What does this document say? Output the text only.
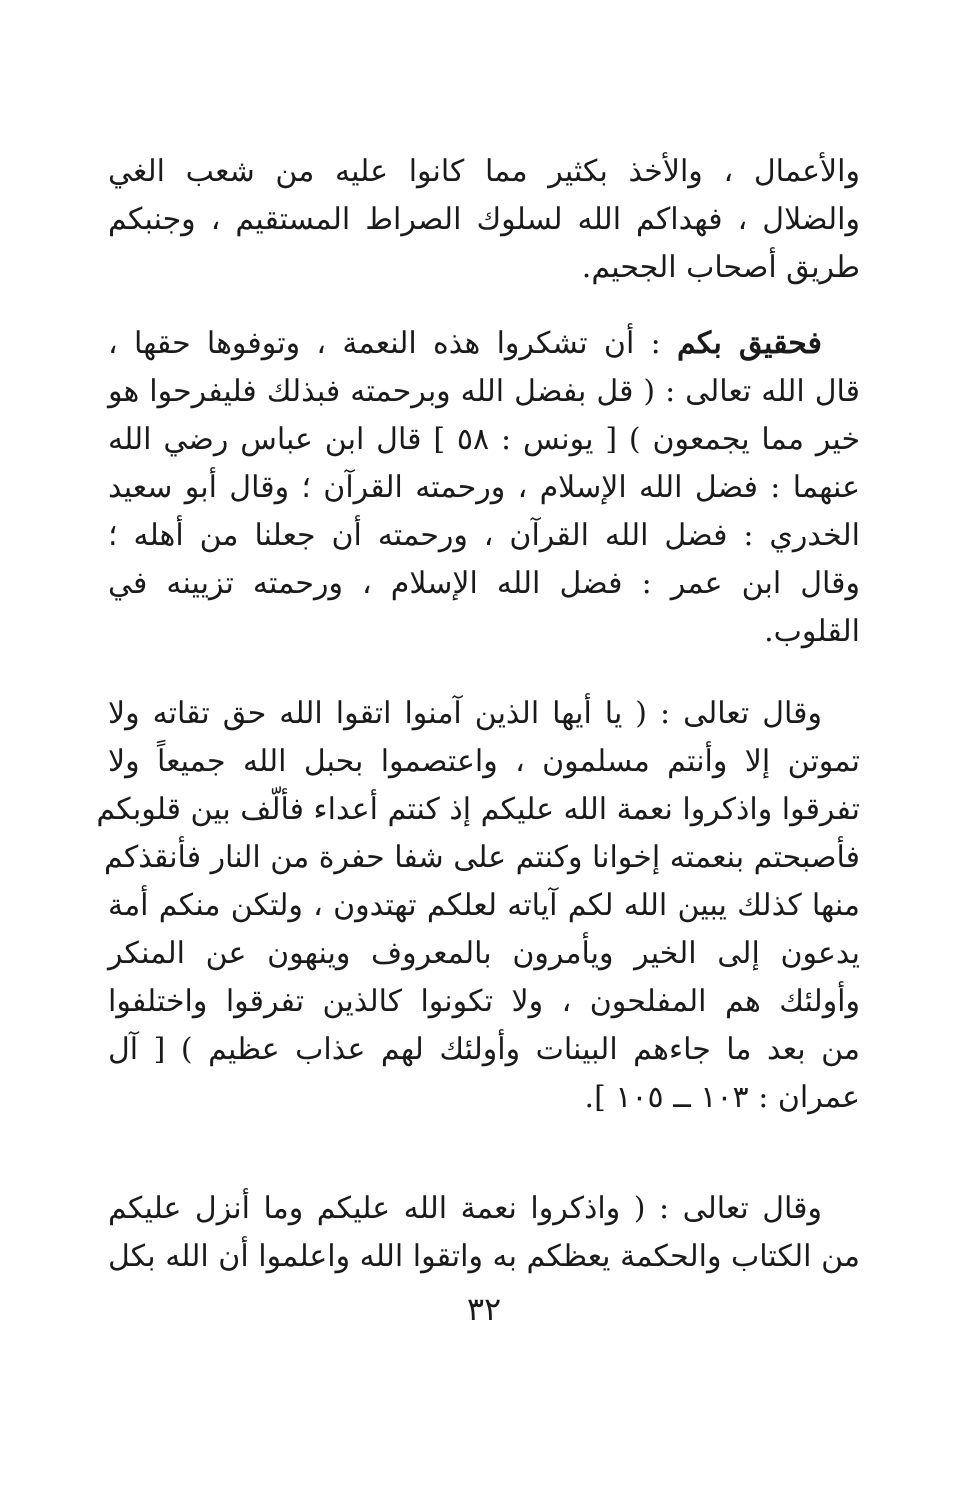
والأعمال ، والأخذ بكثير مما كانوا عليه من شعب الغي
والضلال ، فهداكم الله لسلوك الصراط المستقيم ، وجنبكم
طريق أصحاب الجحيم.
فحقيق بكم : أن تشكروا هذه النعمة ، وتوفوها حقها ،
قال الله تعالى : ( قل بفضل الله وبرحمته فبذلك فليفرحوا هو
خير مما يجمعون ) [ يونس : ٥٨ ] قال ابن عباس رضي الله
عنهما : فضل الله الإسلام ، ورحمته القرآن ؛ وقال أبو سعيد
الخدري : فضل الله القرآن ، ورحمته أن جعلنا من أهله ؛
وقال ابن عمر : فضل الله الإسلام ، ورحمته تزيينه في
القلوب.
وقال تعالى : ( يا أيها الذين آمنوا اتقوا الله حق تقاته ولا
تموتن إلا وأنتم مسلمون ، واعتصموا بحبل الله جميعاً ولا
تفرقوا واذكروا نعمة الله عليكم إذ كنتم أعداء فألّف بين قلوبكم
فأصبحتم بنعمته إخوانا وكنتم على شفا حفرة من النار فأنقذكم
منها كذلك يبين الله لكم آياته لعلكم تهتدون ، ولتكن منكم أمة
يدعون إلى الخير ويأمرون بالمعروف وينهون عن المنكر
وأولئك هم المفلحون ، ولا تكونوا كالذين تفرقوا واختلفوا
من بعد ما جاءهم البينات وأولئك لهم عذاب عظيم ) [ آل
عمران : ١٠٣ ــ ١٠٥ ].
وقال تعالى : ( واذكروا نعمة الله عليكم وما أنزل عليكم
من الكتاب والحكمة يعظكم به واتقوا الله واعلموا أن الله بكل
٣٢
